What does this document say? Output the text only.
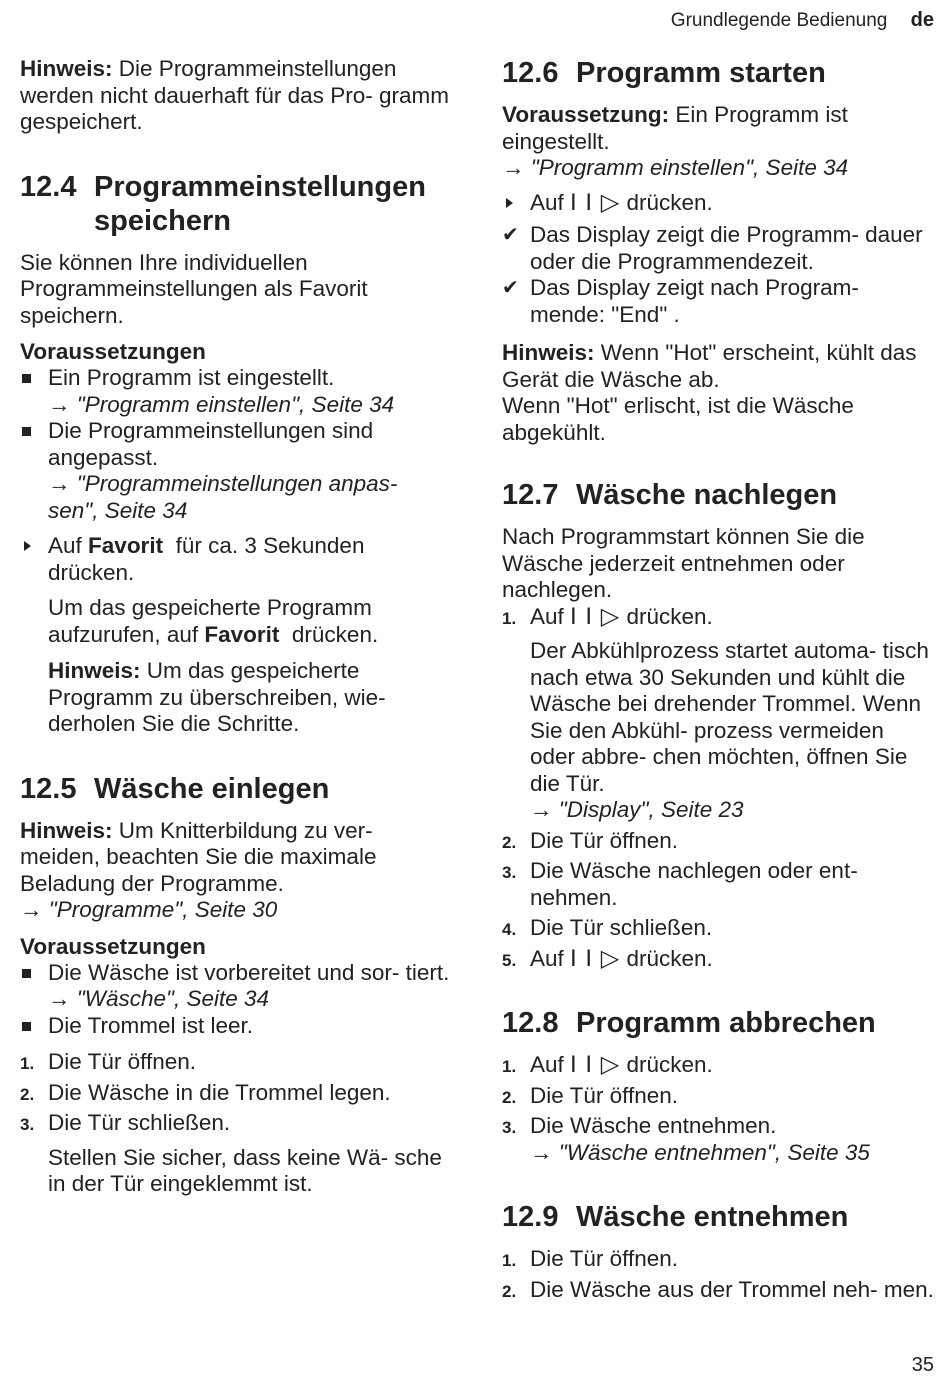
Grundlegende Bedienung de

Hinweis: Die Programmeinstellungen werden nicht dauerhaft für das Pro- gramm gespeichert.

12.4 Programmeinstellungen speichern

Sie können Ihre individuellen Programmeinstellungen als Favorit speichern.

Voraussetzungen

Ein Programm ist eingestellt.
→ "Programm einstellen", Seite 34
Die Programmeinstellungen sind angepasst.
→ "Programmeinstellungen anpas- sen", Seite 34
Auf Favorit für ca. 3 Sekunden drücken.

Um das gespeicherte Programm aufzurufen, auf Favorit drücken.

Hinweis: Um das gespeicherte Programm zu überschreiben, wie- derholen Sie die Schritte.

12.5 Wäsche einlegen

Hinweis: Um Knitterbildung zu ver- meiden, beachten Sie die maximale Beladung der Programme.

→ "Programme", Seite 30

Voraussetzungen

Die Wäsche ist vorbereitet und sor- tiert.
→ "Wäsche", Seite 34
Die Trommel ist leer.
1. Die Tür öffnen.
2. Die Wäsche in die Trommel legen.
3. Die Tür schließen.

Stellen Sie sicher, dass keine Wä- sche in der Tür eingeklemmt ist.

12.6 Programm starten

Voraussetzung: Ein Programm ist eingestellt.

→ "Programm einstellen", Seite 34

Auf I I ▷ drücken.
✔ Das Display zeigt die Programm- dauer oder die Programmendezeit.
✔ Das Display zeigt nach Program- mende: "End" .

Hinweis: Wenn "Hot" erscheint, kühlt das Gerät die Wäsche ab.
Wenn "Hot" erlischt, ist die Wäsche abgekühlt.

12.7 Wäsche nachlegen

Nach Programmstart können Sie die Wäsche jederzeit entnehmen oder nachlegen.

1. Auf I I ▷ drücken.

Der Abkühlprozess startet automa- tisch nach etwa 30 Sekunden und kühlt die Wäsche bei drehender Trommel. Wenn Sie den Abkühl- prozess vermeiden oder abbre- chen möchten, öffnen Sie die Tür.

→ "Display", Seite 23

2. Die Tür öffnen.
3. Die Wäsche nachlegen oder ent- nehmen.
4. Die Tür schließen.
5. Auf I I ▷ drücken.
12.8 Programm abbrechen
1. Auf I I ▷ drücken.
2. Die Tür öffnen.
3. Die Wäsche entnehmen.
→ "Wäsche entnehmen", Seite 35
12.9 Wäsche entnehmen
1. Die Tür öffnen.
2. Die Wäsche aus der Trommel neh- men.
35
